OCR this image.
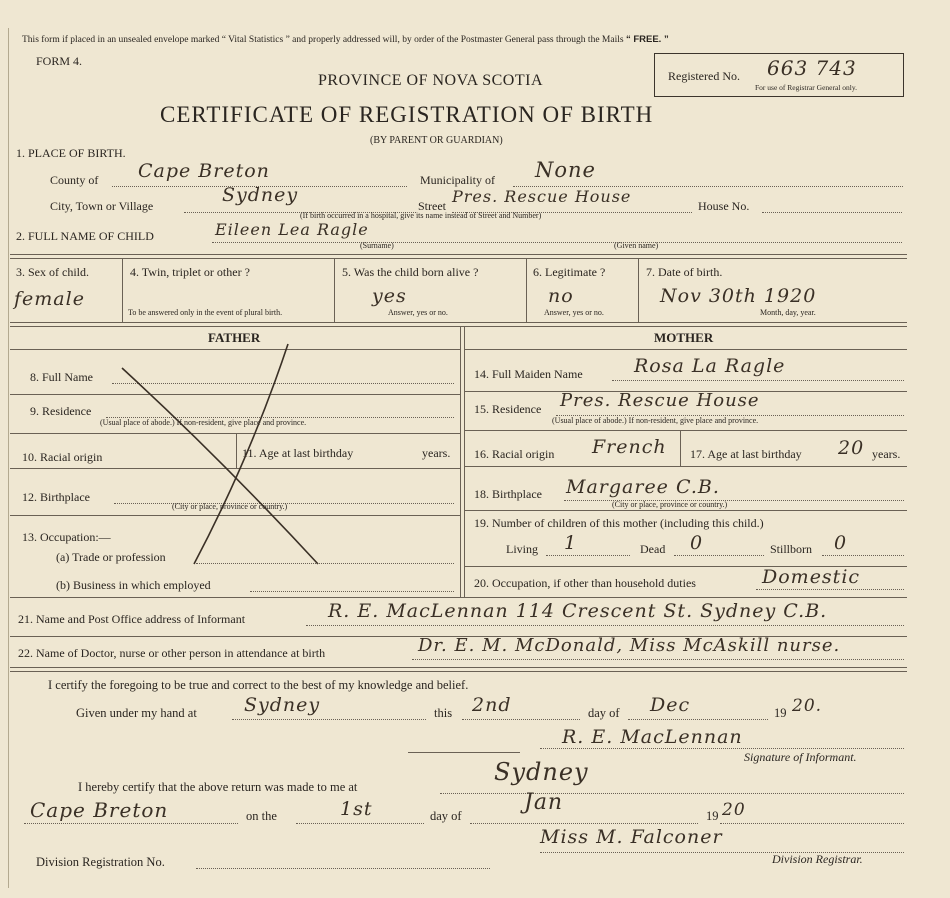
This form if placed in an unsealed envelope marked “ Vital Statistics ” and properly addressed will, by order of the Postmaster General pass through the Mails “ FREE. ”
FORM 4.
PROVINCE OF NOVA SCOTIA
CERTIFICATE OF REGISTRATION OF BIRTH
(BY PARENT OR GUARDIAN)
Registered No. 663 743
For use of Registrar General only.
1. PLACE OF BIRTH.
County of Cape Breton	Municipality of None
City, Town or Village	Sydney	Street Pres. Rescue House	House No.
(If birth occurred in a hospital, give its name instead of Street and Number)
2. FULL NAME OF CHILD	Eileen Lea Ragle
(Surname)	(Given name)
3. Sex of child.
female
4. Twin, triplet or other ?
To be answered only in the event of plural birth.
5. Was the child born alive ?
yes
Answer, yes or no.
6. Legitimate ?
no
Answer, yes or no.
7. Date of birth.
Nov 30th 1920
Month, day, year.
FATHER	MOTHER
8. Full Name
9. Residence
(Usual place of abode.) If non-resident, give place and province.
10. Racial origin	11. Age at last birthday	years.
12. Birthplace
(City or place, province or country.)
13. Occupation:—
(a) Trade or profession
(b) Business in which employed
14. Full Maiden Name	Rosa La Ragle
15. Residence Pres. Rescue House
(Usual place of abode.) If non-resident, give place and province.
16. Racial origin French 17. Age at last birthday 20 years.
18. Birthplace Margaree C.B.
(City or place, province or country.)
19. Number of children of this mother (including this child.)
Living 1	Dead 0	Stillborn 0
20. Occupation, if other than household duties	Domestic
21. Name and Post Office address of Informant	R. E. MacLennan 114 Crescent St. Sydney C.B.
22. Name of Doctor, nurse or other person in attendance at birth	Dr. E. M. McDonald, Miss McAskill nurse.
I certify the foregoing to be true and correct to the best of my knowledge and belief.
Given under my hand at Sydney	this 2nd	day of Dec	19 20.
R. E. MacLennan
Signature of Informant.
I hereby certify that the above return was made to me at
Sydney
Cape Breton	on the	1st	day of
Jan
19 20
Miss M. Falconer
Division Registration No.	Division Registrar.
